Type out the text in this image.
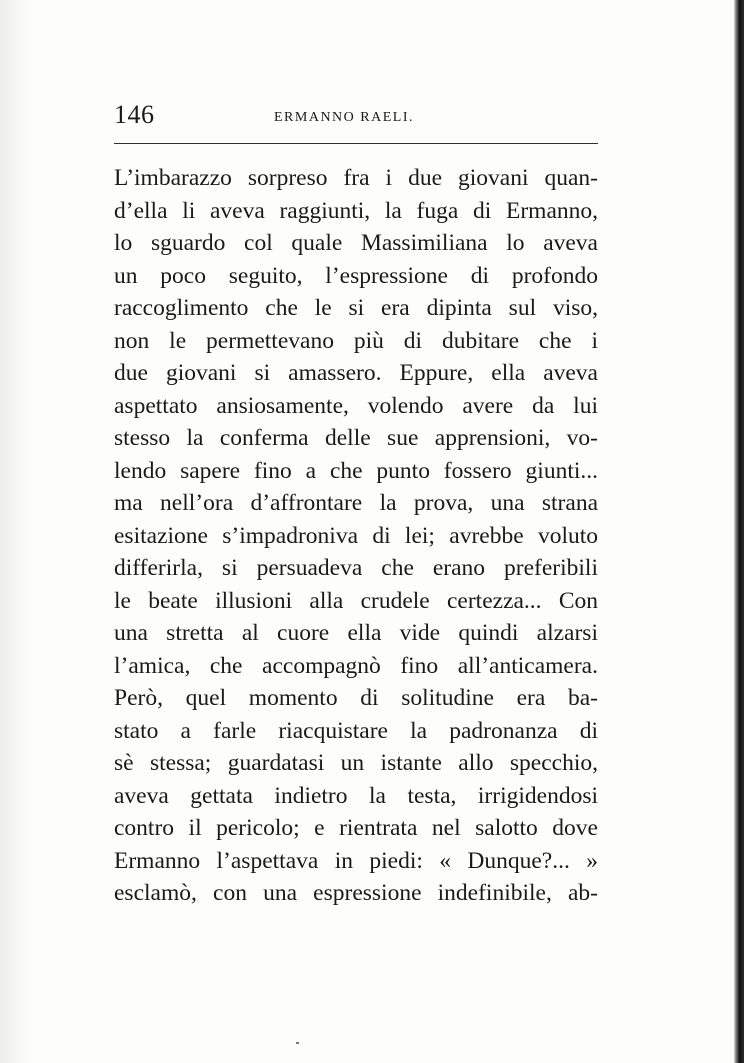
146	ERMANNO RAELI.
L’imbarazzo sorpreso fra i due giovani quan-
d’ella li aveva raggiunti, la fuga di Ermanno,
lo sguardo col quale Massimiliana lo aveva
un poco seguito, l’espressione di profondo
raccoglimento che le si era dipinta sul viso,
non le permettevano più di dubitare che i
due giovani si amassero. Eppure, ella aveva
aspettato ansiosamente, volendo avere da lui
stesso la conferma delle sue apprensioni, vo-
lendo sapere fino a che punto fossero giunti...
ma nell’ora d’affrontare la prova, una strana
esitazione s’impadroniva di lei; avrebbe voluto
differirla, si persuadeva che erano preferibili
le beate illusioni alla crudele certezza... Con
una stretta al cuore ella vide quindi alzarsi
l’amica, che accompagnò fino all’anticamera.
Però, quel momento di solitudine era ba-
stato a farle riacquistare la padronanza di
sè stessa; guardatasi un istante allo specchio,
aveva gettata indietro la testa, irrigidendosi
contro il pericolo; e rientrata nel salotto dove
Ermanno l’aspettava in piedi: « Dunque?... »
esclamò, con una espressione indefinibile, ab-
